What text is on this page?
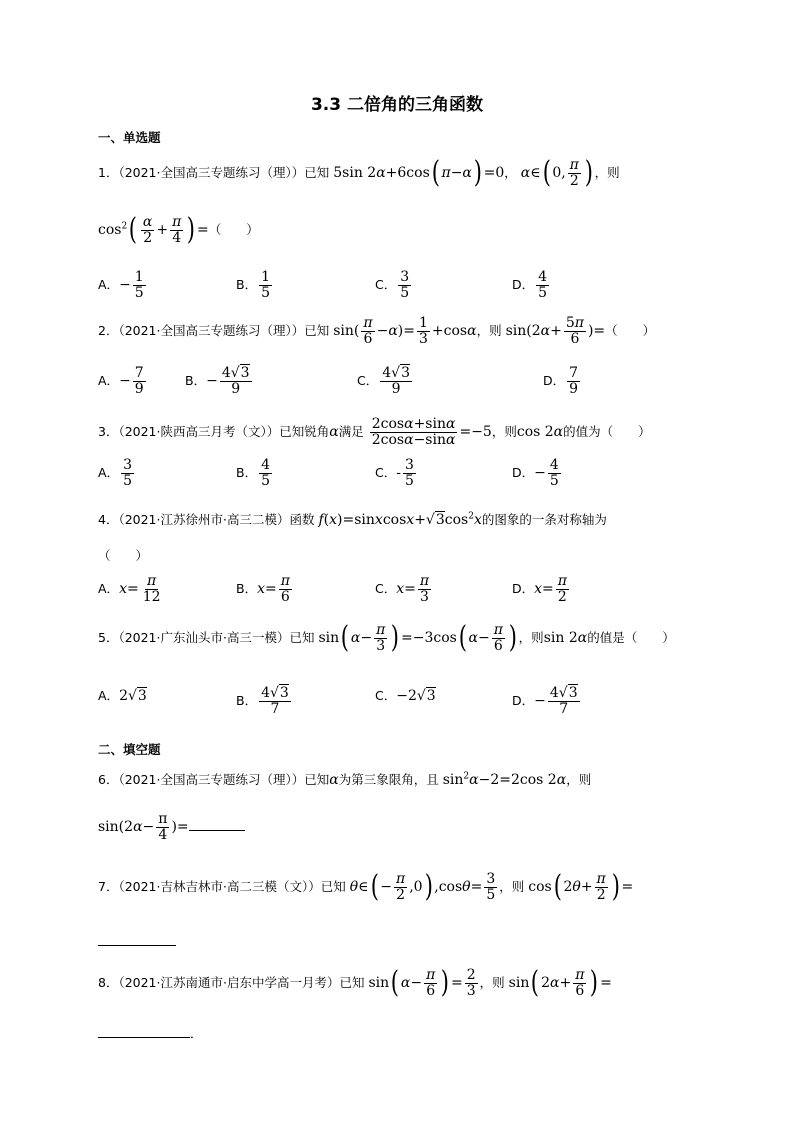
3.3 二倍角的三角函数
一、单选题
1．（2021·全国高三专题练习（理））已知 5sin 2α+6cos( π−α) =0， α∈( 0, $\frac{\pi}{2}$ ) ，则
$\cos^2( \frac{\alpha}{2} + \frac{\pi}{4}$ ) =（　　）
A．− $\frac{1}{5}$	B． $\frac{1}{5}$	C． $\frac{3}{5}$	D． $\frac{4}{5}$
2．（2021·全国高三专题练习（理））已知 $\sin( \frac{\pi}{6} -\alpha)= \frac{1}{3} +\cos\alpha$，则 $\sin(2\alpha+ \frac{5\pi}{6}$ )=（　　）
A．− $\frac{7}{9}$	B．− $\frac{4√3}{9}$	C． $\frac{4√3}{9}$	D． $\frac{7}{9}$
3．（2021·陕西高三月考（文））已知锐角α满足 $\frac{2\cos\alpha+\sin\alpha}{2\cos\alpha-\sin\alpha} =-5$，则cos 2α的值为（　　）
A． $\frac{3}{5}$	B． $\frac{4}{5}$	C．- $\frac{3}{5}$	D．− $\frac{4}{5}$
4．（2021·江苏徐州市·高三二模）函数 $f(x)=sinxcosx+√3\cos^2x$的图象的一条对称轴为
（　　）
A．$x= \frac{\pi}{12}$	B．$x= \frac{\pi}{6}$	C．$x= \frac{\pi}{3}$	D．$x= \frac{\pi}{2}$
5．（2021·广东汕头市·高三一模）已知 sin( $\alpha- \frac{\pi}{3}$ ) =−3cos( $\alpha- \frac{\pi}{6}$ ) ，则sin 2α的值是（　　）
A．2√3	B． $\frac{4√3}{7}$	C．−2√3	D．− $\frac{4√3}{7}$
二、填空题
6．（2021·全国高三专题练习（理））已知α为第三象限角，且 $\sin^2\alpha-2=2\cos$ 2α，则
$\sin(2\alpha- \frac{\pi}{4}$ )=
7．（2021·吉林吉林市·高二三模（文））已知 θ∈( − $\frac{\pi}{2} ,0$) $,\cos\theta= \frac{3}{5}$ ，则 cos( $2\theta+ \frac{\pi}{2}$ ) =
8．（2021·江苏南通市·启东中学高一月考）已知 sin( $\alpha- \frac{\pi}{6}$ ) = $\frac{2}{3}$ ，则 sin( $2\alpha+ \frac{\pi}{6}$ ) =
．
